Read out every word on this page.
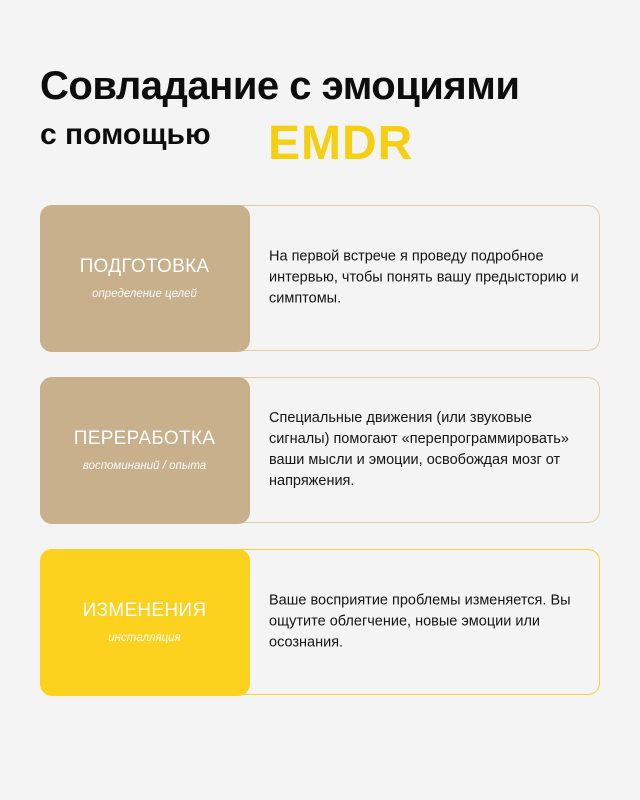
Совладание с эмоциями
с помощью EMDR
ПОДГОТОВКА
определение целей
На первой встрече я проведу подробное интервью, чтобы понять вашу предысторию и симптомы.
ПЕРЕРАБОТКА
воспоминаний / опыта
Специальные движения (или звуковые сигналы) помогают «перепрограммировать» ваши мысли и эмоции, освобождая мозг от напряжения.
ИЗМЕНЕНИЯ
инсталляция
Ваше восприятие проблемы изменяется. Вы ощутите облегчение, новые эмоции или осознания.
